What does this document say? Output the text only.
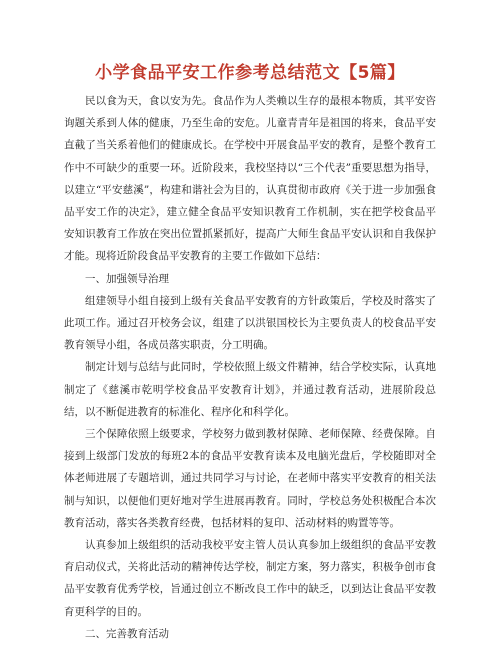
小学食品平安工作参考总结范文【5篇】

民以食为天，食以安为先。食品作为人类赖以生存的最根本物质，其平安咨询题关系到人体的健康，乃至生命的安危。儿童青青年是祖国的将来，食品平安直截了当关系着他们的健康成长。在学校中开展食品平安的教育，是整个教育工作中不可缺少的重要一环。近阶段来，我校坚持以“三个代表”重要思想为指导，以建立“平安慈溪”，构建和谐社会为目的，认真贯彻市政府《关于进一步加强食品平安工作的决定》，建立健全食品平安知识教育工作机制，实在把学校食品平安知识教育工作放在突出位置抓紧抓好，提高广大师生食品平安认识和自我保护才能。现将近阶段食品平安教育的主要工作做如下总结：

一、加强领导治理

组建领导小组自接到上级有关食品平安教育的方针政策后，学校及时落实了此项工作。通过召开校务会议，组建了以洪银国校长为主要负责人的校食品平安教育领导小组，各成员落实职责，分工明确。

制定计划与总结与此同时，学校依照上级文件精神，结合学校实际，认真地制定了《慈溪市乾明学校食品平安教育计划》，并通过教育活动，进展阶段总结，以不断促进教育的标准化、程序化和科学化。

三个保障依照上级要求，学校努力做到教材保障、老师保障、经费保障。自接到上级部门发放的每班2本的食品平安教育读本及电脑光盘后，学校随即对全体老师进展了专题培训，通过共同学习与讨论，在老师中落实平安教育的相关法制与知识，以便他们更好地对学生进展再教育。同时，学校总务处积极配合本次教育活动，落实各类教育经费，包括材料的复印、活动材料的购置等等。

认真参加上级组织的活动我校平安主管人员认真参加上级组织的食品平安教育启动仪式，关将此活动的精神传达学校，制定方案，努力落实，积极争创市食品平安教育优秀学校，旨通过创立不断改良工作中的缺乏，以到达让食品平安教育更科学的目的。

二、完善教育活动
